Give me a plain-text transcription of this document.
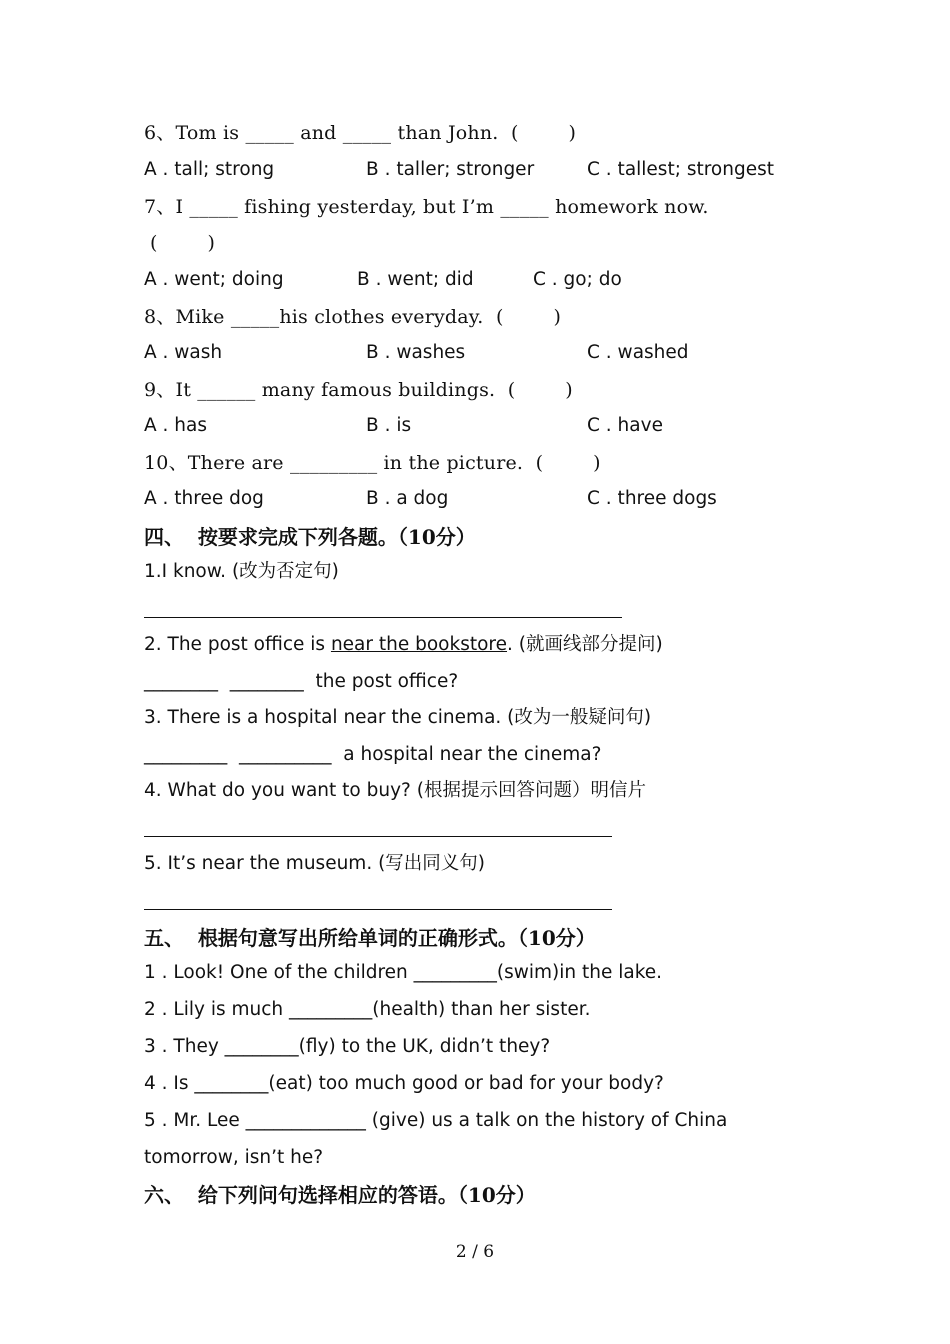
6、Tom is _____ and _____ than John.  (        )
A . tall; strong	B . taller; stronger	C . tallest; strongest
7、I _____ fishing yesterday, but I’m _____ homework now.
(        )
A . went; doing	B . went; did	C . go; do
8、Mike _____his clothes everyday.  (        )
A . wash	B . washes	C . washed
9、It ______ many famous buildings.  (        )
A . has	B . is	C . have
10、There are _________ in the picture.  (        )
A . three dog	B . a dog	C . three dogs
四、  按要求完成下列各题。（10分）
1.I know. (改为否定句)
2. The post office is near the bookstore. (就画线部分提问)
________  ________  the post office?
3. There is a hospital near the cinema. (改为一般疑问句)
_________  __________  a hospital near the cinema?
4. What do you want to buy? (根据提示回答问题）明信片
5. It’s near the museum. (写出同义句)
五、  根据句意写出所给单词的正确形式。（10分）
1 . Look! One of the children _________(swim)in the lake.
2 . Lily is much _________(health) than her sister.
3 . They ________(fly) to the UK, didn’t they?
4 . Is ________(eat) too much good or bad for your body?
5 . Mr. Lee _____________ (give) us a talk on the history of China
tomorrow, isn’t he?
六、  给下列问句选择相应的答语。（10分）
2 / 6
